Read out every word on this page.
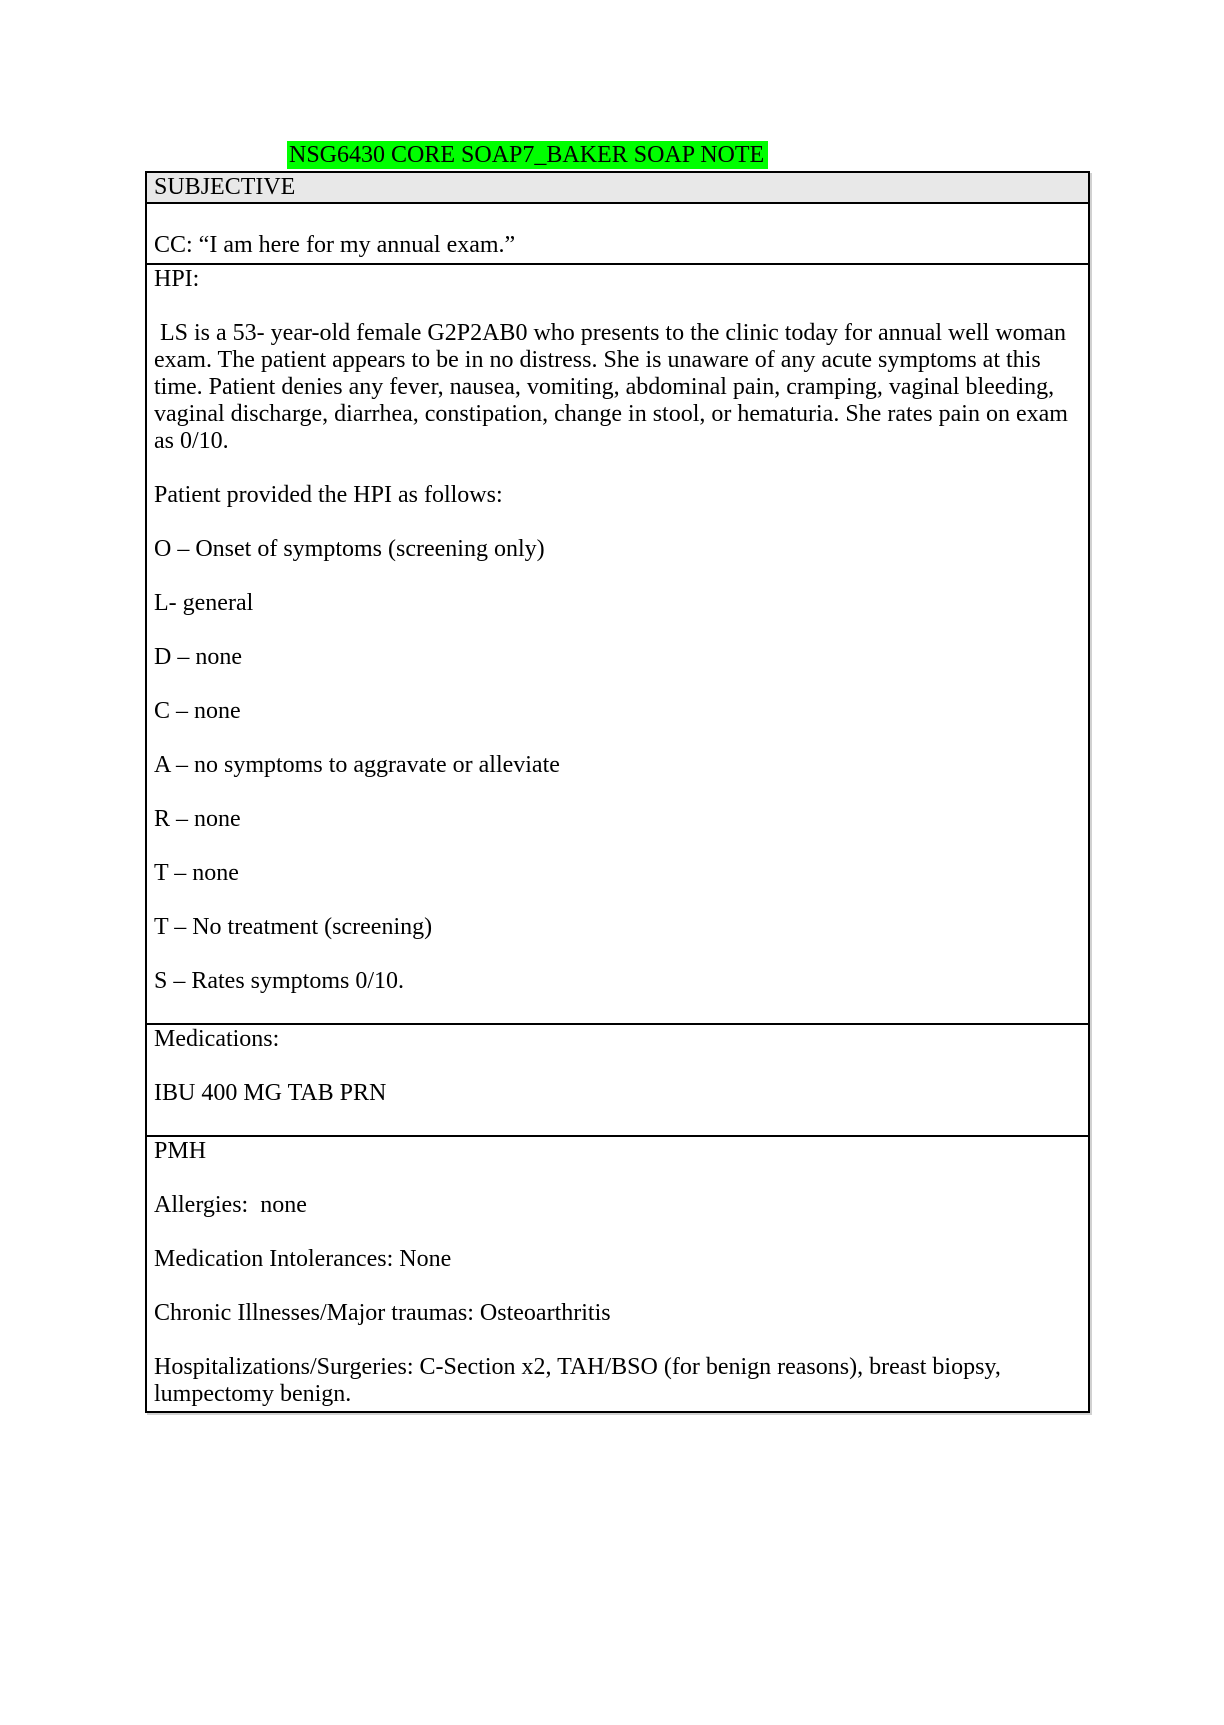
NSG6430 CORE SOAP7_BAKER SOAP NOTE
SUBJECTIVE

CC: “I am here for my annual exam.”

HPI:

LS is a 53- year-old female G2P2AB0 who presents to the clinic today for annual well woman exam. The patient appears to be in no distress. She is unaware of any acute symptoms at this time. Patient denies any fever, nausea, vomiting, abdominal pain, cramping, vaginal bleeding, vaginal discharge, diarrhea, constipation, change in stool, or hematuria. She rates pain on exam as 0/10.

Patient provided the HPI as follows:

O – Onset of symptoms (screening only)

L- general

D – none

C – none

A – no symptoms to aggravate or alleviate

R – none

T – none

T – No treatment (screening)

S – Rates symptoms 0/10.

Medications:

IBU 400 MG TAB PRN

PMH

Allergies:  none

Medication Intolerances: None

Chronic Illnesses/Major traumas: Osteoarthritis

Hospitalizations/Surgeries: C-Section x2, TAH/BSO (for benign reasons), breast biopsy, lumpectomy benign.
